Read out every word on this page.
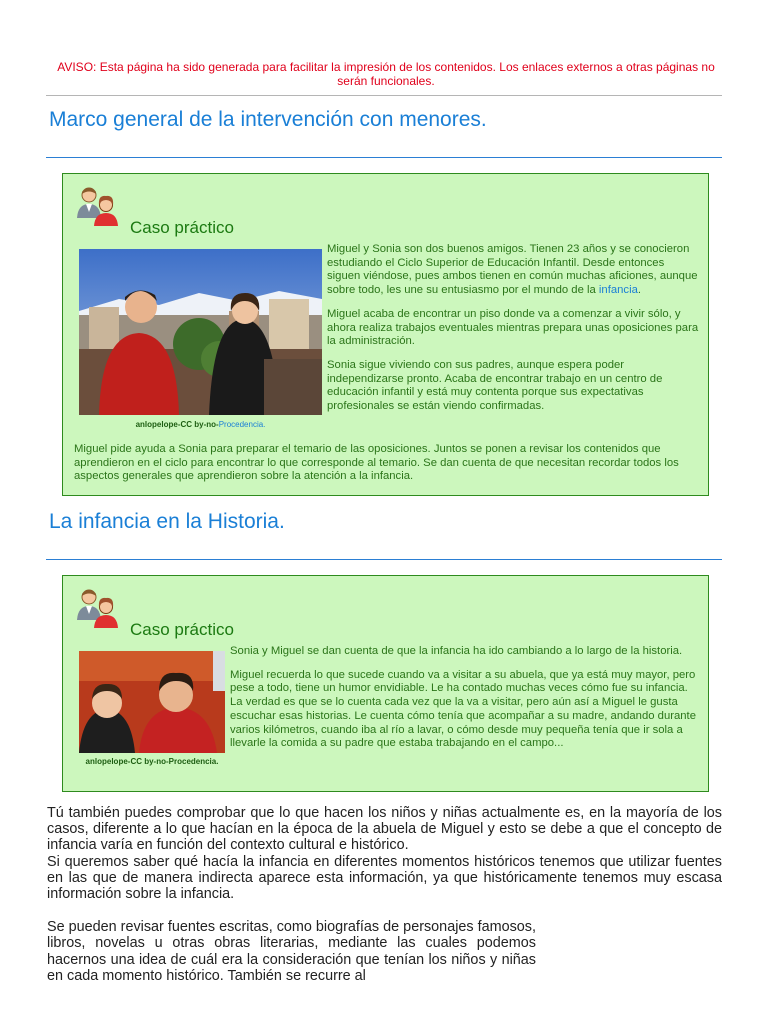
AVISO: Esta página ha sido generada para facilitar la impresión de los contenidos. Los enlaces externos a otras páginas no serán funcionales.
Marco general de la intervención con menores.
Caso práctico
anlopelope-CC by-no-Procedencia.

Miguel y Sonia son dos buenos amigos. Tienen 23 años y se conocieron estudiando el Ciclo Superior de Educación Infantil. Desde entonces siguen viéndose, pues ambos tienen en común muchas aficiones, aunque sobre todo, les une su entusiasmo por el mundo de la infancia.

Miguel acaba de encontrar un piso donde va a comenzar a vivir sólo, y ahora realiza trabajos eventuales mientras prepara unas oposiciones para la administración.

Sonia sigue viviendo con sus padres, aunque espera poder independizarse pronto. Acaba de encontrar trabajo en un centro de educación infantil y está muy contenta porque sus expectativas profesionales se están viendo confirmadas.

Miguel pide ayuda a Sonia para preparar el temario de las oposiciones. Juntos se ponen a revisar los contenidos que aprendieron en el ciclo para encontrar lo que corresponde al temario. Se dan cuenta de que necesitan recordar todos los aspectos generales que aprendieron sobre la atención a la infancia.
La infancia en la Historia.
Caso práctico
anlopelope-CC by-no-Procedencia.

Sonia y Miguel se dan cuenta de que la infancia ha ido cambiando a lo largo de la historia.

Miguel recuerda lo que sucede cuando va a visitar a su abuela, que ya está muy mayor, pero pese a todo, tiene un humor envidiable. Le ha contado muchas veces cómo fue su infancia. La verdad es que se lo cuenta cada vez que la va a visitar, pero aún así a Miguel le gusta escuchar esas historias. Le cuenta cómo tenía que acompañar a su madre, andando durante varios kilómetros, cuando iba al río a lavar, o cómo desde muy pequeña tenía que ir sola a llevarle la comida a su padre que estaba trabajando en el campo...

Tú también puedes comprobar que lo que hacen los niños y niñas actualmente es, en la mayoría de los casos, diferente a lo que hacían en la época de la abuela de Miguel y esto se debe a que el concepto de infancia varía en función del contexto cultural e histórico.

Si queremos saber qué hacía la infancia en diferentes momentos históricos tenemos que utilizar fuentes en las que de manera indirecta aparece esta información, ya que históricamente tenemos muy escasa información sobre la infancia.

Se pueden revisar fuentes escritas, como biografías de personajes famosos, libros, novelas u otras obras literarias, mediante las cuales podemos hacernos una idea de cuál era la consideración que tenían los niños y niñas en cada momento histórico. También se recurre al
